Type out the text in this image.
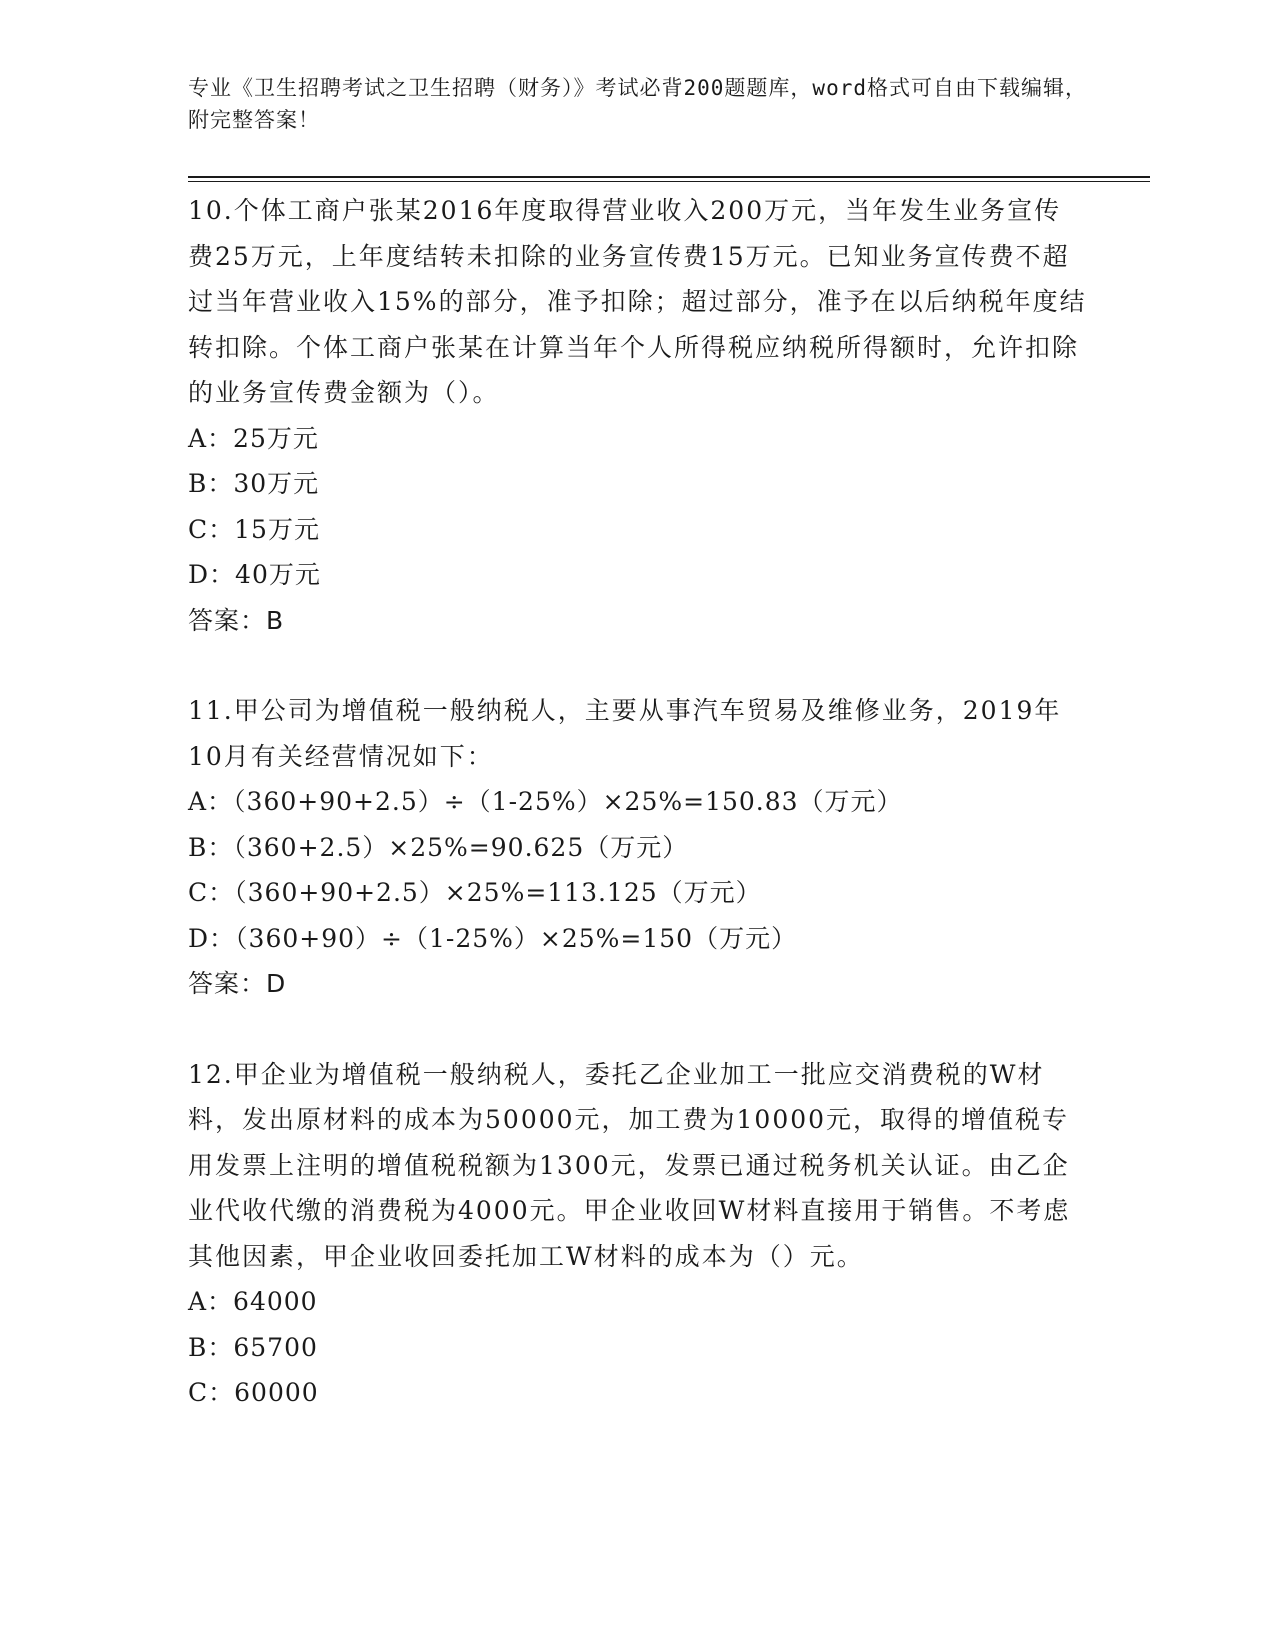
专业《卫生招聘考试之卫生招聘（财务）》考试必背200题题库，word格式可自由下载编辑，附完整答案！

10.个体工商户张某2016年度取得营业收入200万元，当年发生业务宣传费25万元，上年度结转未扣除的业务宣传费15万元。已知业务宣传费不超过当年营业收入15%的部分，准予扣除；超过部分，准予在以后纳税年度结转扣除。个体工商户张某在计算当年个人所得税应纳税所得额时，允许扣除的业务宣传费金额为（）。

A：25万元

B：30万元

C：15万元

D：40万元

答案：B

11.甲公司为增值税一般纳税人，主要从事汽车贸易及维修业务，2019年10月有关经营情况如下：

A：（360+90+2.5）÷（1-25%）×25%=150.83（万元）

B：（360+2.5）×25%=90.625（万元）

C：（360+90+2.5）×25%=113.125（万元）

D：（360+90）÷（1-25%）×25%=150（万元）

答案：D

12.甲企业为增值税一般纳税人，委托乙企业加工一批应交消费税的W材料，发出原材料的成本为50000元，加工费为10000元，取得的增值税专用发票上注明的增值税税额为1300元，发票已通过税务机关认证。由乙企业代收代缴的消费税为4000元。甲企业收回W材料直接用于销售。不考虑其他因素，甲企业收回委托加工W材料的成本为（）元。

A：64000

B：65700

C：60000
